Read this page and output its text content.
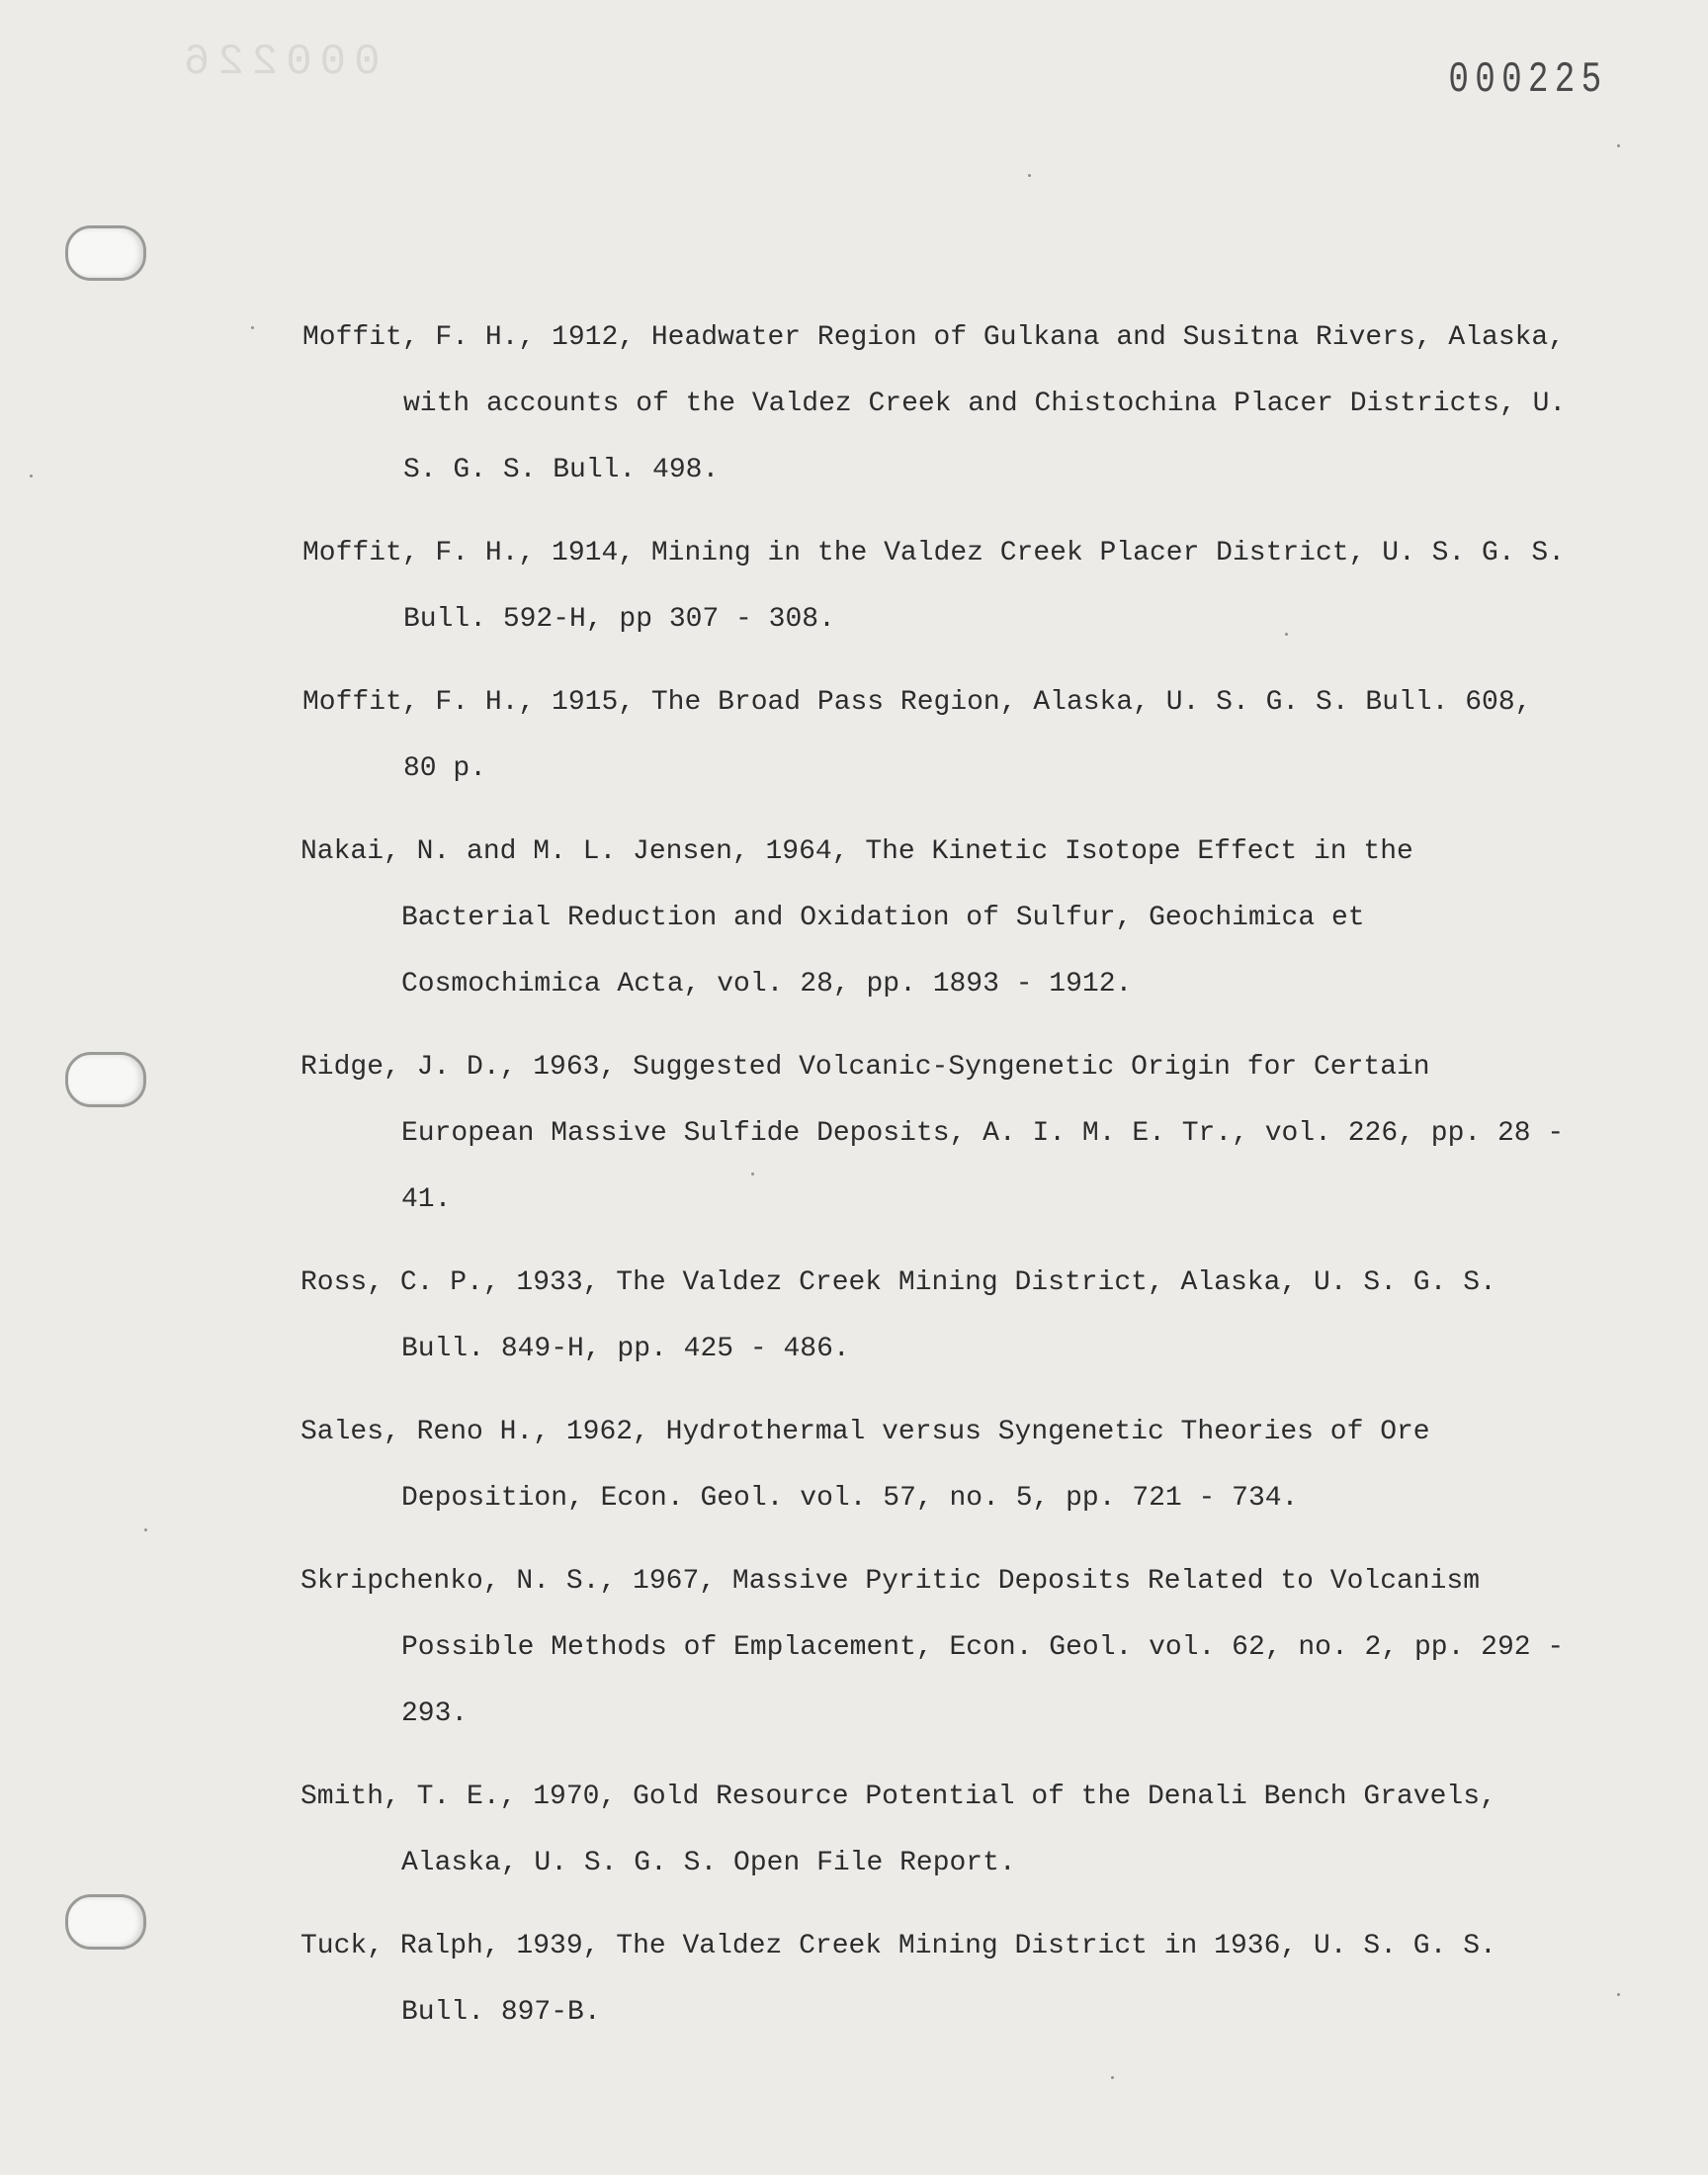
000226	000225
Moffit, F. H., 1912, Headwater Region of Gulkana and Susitna Rivers, Alaska, with accounts of the Valdez Creek and Chistochina Placer Districts, U. S. G. S. Bull. 498.
Moffit, F. H., 1914, Mining in the Valdez Creek Placer District, U. S. G. S. Bull. 592-H, pp 307 - 308.
Moffit, F. H., 1915, The Broad Pass Region, Alaska, U. S. G. S. Bull. 608, 80 p.
Nakai, N. and M. L. Jensen, 1964, The Kinetic Isotope Effect in the Bacterial Reduction and Oxidation of Sulfur, Geochimica et Cosmochimica Acta, vol. 28, pp. 1893 - 1912.
Ridge, J. D., 1963, Suggested Volcanic-Syngenetic Origin for Certain European Massive Sulfide Deposits, A. I. M. E. Tr., vol. 226, pp. 28 - 41.
Ross, C. P., 1933, The Valdez Creek Mining District, Alaska, U. S. G. S. Bull. 849-H, pp. 425 - 486.
Sales, Reno H., 1962, Hydrothermal versus Syngenetic Theories of Ore Deposition, Econ. Geol. vol. 57, no. 5, pp. 721 - 734.
Skripchenko, N. S., 1967, Massive Pyritic Deposits Related to Volcanism Possible Methods of Emplacement, Econ. Geol. vol. 62, no. 2, pp. 292 - 293.
Smith, T. E., 1970, Gold Resource Potential of the Denali Bench Gravels, Alaska, U. S. G. S. Open File Report.
Tuck, Ralph, 1939, The Valdez Creek Mining District in 1936, U. S. G. S. Bull. 897-B.
